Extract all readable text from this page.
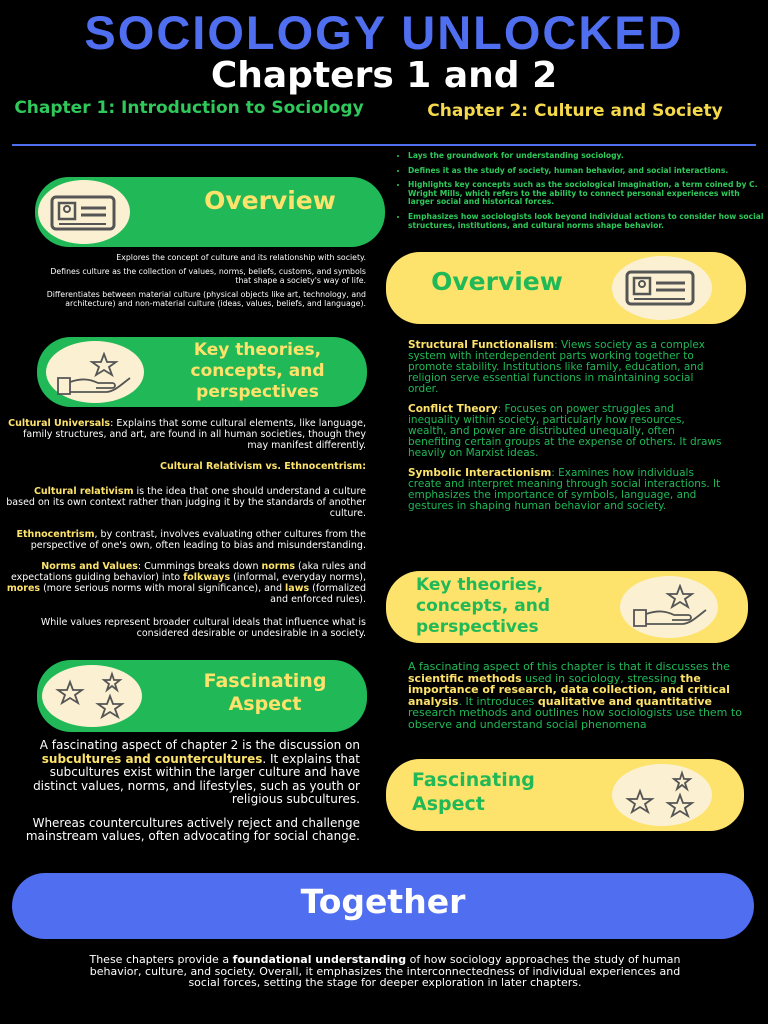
SOCIOLOGY UNLOCKED
Chapters 1 and 2
Chapter 1: Introduction to Sociology	Chapter 2: Culture and Society
• Lays the groundwork for understanding sociology.
• Defines it as the study of society, human behavior, and social interactions.
• Highlights key concepts such as the sociological imagination, a term coined by C. Wright Mills, which refers to the ability to connect personal experiences with larger social and historical forces.
• Emphasizes how sociologists look beyond individual actions to consider how social structures, institutions, and cultural norms shape behavior.
Overview
Explores the concept of culture and its relationship with society.
Defines culture as the collection of values, norms, beliefs, customs, and symbols that shape a society's way of life.
Differentiates between material culture (physical objects like art, technology, and architecture) and non-material culture (ideas, values, beliefs, and language).
Overview
Key theories,
concepts, and
perspectives
Structural Functionalism: Views society as a complex system with interdependent parts working together to promote stability. Institutions like family, education, and religion serve essential functions in maintaining social order.
Conflict Theory: Focuses on power struggles and inequality within society, particularly how resources, wealth, and power are distributed unequally, often benefiting certain groups at the expense of others. It draws heavily on Marxist ideas.
Symbolic Interactionism: Examines how individuals create and interpret meaning through social interactions. It emphasizes the importance of symbols, language, and gestures in shaping human behavior and society.
Cultural Universals: Explains that some cultural elements, like language, family structures, and art, are found in all human societies, though they may manifest differently.
Cultural Relativism vs. Ethnocentrism:
Cultural relativism is the idea that one should understand a culture based on its own context rather than judging it by the standards of another culture.
Ethnocentrism, by contrast, involves evaluating other cultures from the perspective of one's own, often leading to bias and misunderstanding.
Norms and Values: Cummings breaks down norms (aka rules and expectations guiding behavior) into folkways (informal, everyday norms), mores (more serious norms with moral significance), and laws (formalized and enforced rules).
While values represent broader cultural ideals that influence what is considered desirable or undesirable in a society.
Key theories,
concepts, and
perspectives
Fascinating
Aspect
A fascinating aspect of this chapter is that it discusses the scientific methods used in sociology, stressing the importance of research, data collection, and critical analysis. It introduces qualitative and quantitative research methods and outlines how sociologists use them to observe and understand social phenomena
A fascinating aspect of chapter 2 is the discussion on subcultures and countercultures. It explains that subcultures exist within the larger culture and have distinct values, norms, and lifestyles, such as youth or religious subcultures.
Whereas countercultures actively reject and challenge mainstream values, often advocating for social change.
Fascinating
Aspect
Together
These chapters provide a foundational understanding of how sociology approaches the study of human behavior, culture, and society. Overall, it emphasizes the interconnectedness of individual experiences and social forces, setting the stage for deeper exploration in later chapters.
